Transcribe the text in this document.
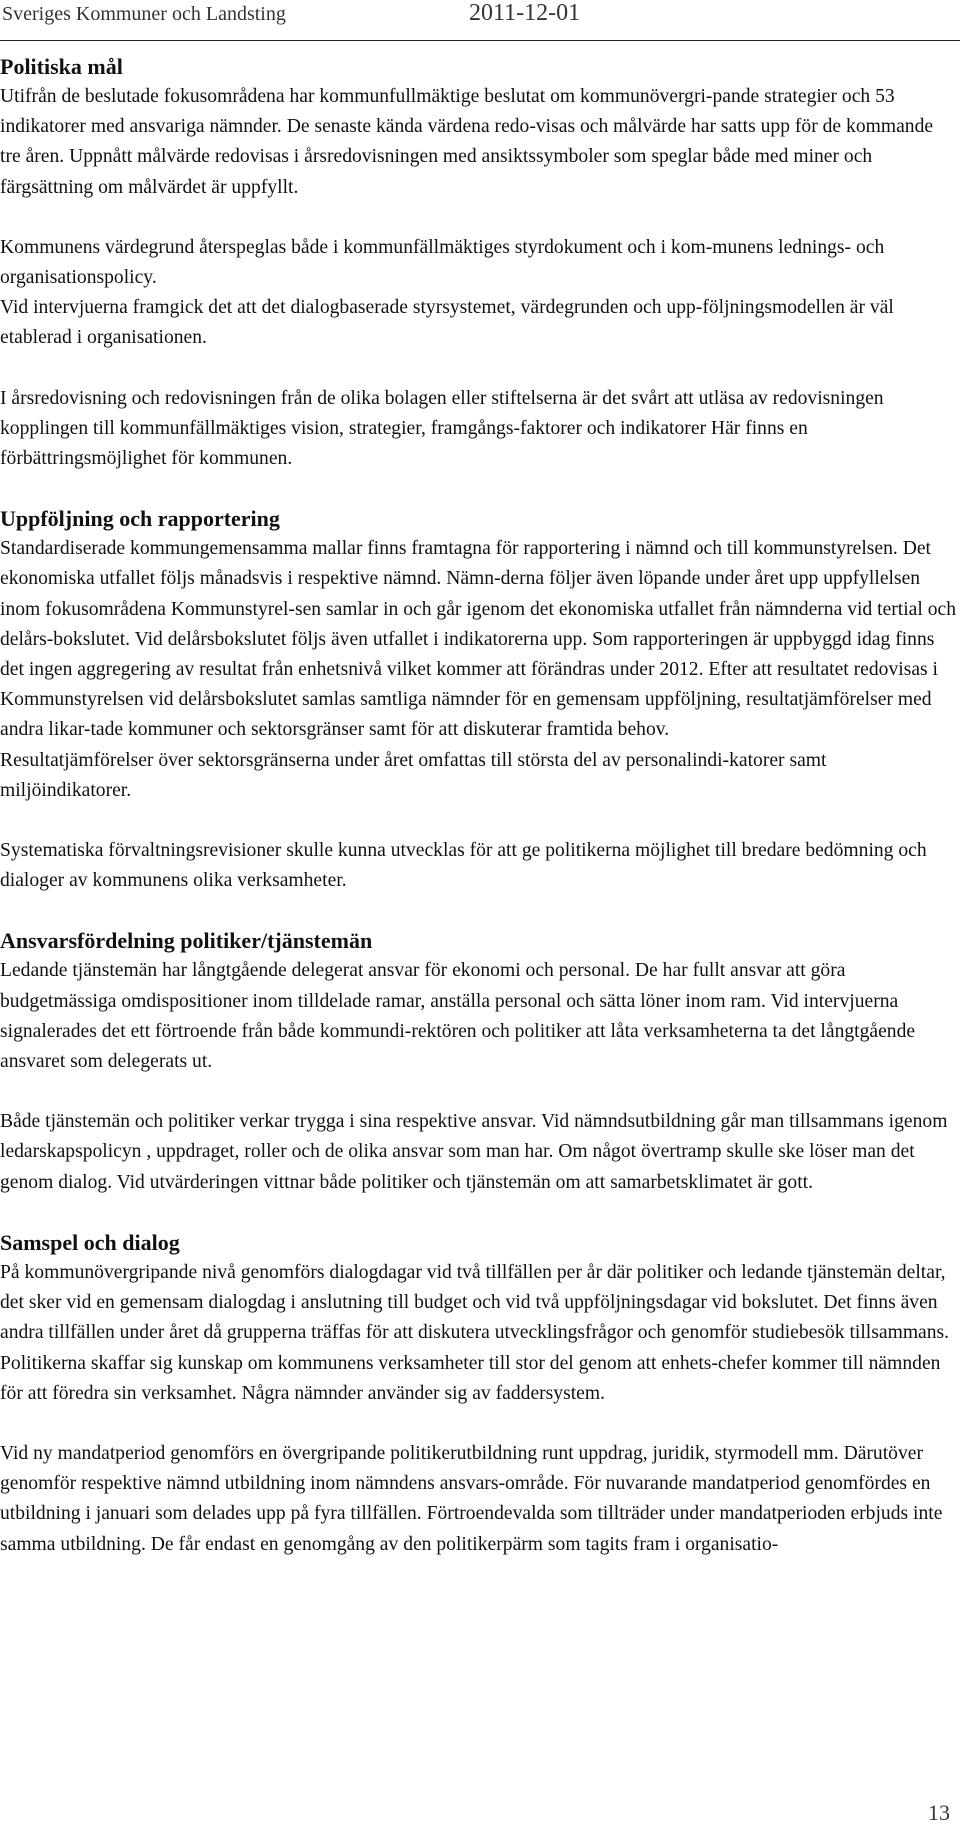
Sveriges Kommuner och Landsting	2011-12-01
Politiska mål

Utifrån de beslutade fokusområdena har kommunfullmäktige beslutat om kommunövergri-pande strategier och 53 indikatorer med ansvariga nämnder. De senaste kända värdena redo-visas och målvärde har satts upp för de kommande tre åren. Uppnått målvärde redovisas i årsredovisningen med ansiktssymboler som speglar både med miner och färgsättning om målvärdet är uppfyllt.

Kommunens värdegrund återspeglas både i kommunfällmäktiges styrdokument och i kom-munens lednings- och organisationspolicy.

Vid intervjuerna framgick det att det dialogbaserade styrsystemet, värdegrunden och upp-följningsmodellen är väl etablerad i organisationen.

I årsredovisning och redovisningen från de olika bolagen eller stiftelserna är det svårt att utläsa av redovisningen kopplingen till kommunfällmäktiges vision, strategier, framgångs-faktorer och indikatorer Här finns en förbättringsmöjlighet för kommunen.

Uppföljning och rapportering

Standardiserade kommungemensamma mallar finns framtagna för rapportering i nämnd och till kommunstyrelsen. Det ekonomiska utfallet följs månadsvis i respektive nämnd. Nämn-derna följer även löpande under året upp uppfyllelsen inom fokusområdena Kommunstyrel-sen samlar in och går igenom det ekonomiska utfallet från nämnderna vid tertial och delårs-bokslutet. Vid delårsbokslutet följs även utfallet i indikatorerna upp. Som rapporteringen är uppbyggd idag finns det ingen aggregering av resultat från enhetsnivå vilket kommer att förändras under 2012. Efter att resultatet redovisas i Kommunstyrelsen vid delårsbokslutet samlas samtliga nämnder för en gemensam uppföljning, resultatjämförelser med andra likar-tade kommuner och sektorsgränser samt för att diskuterar framtida behov.

Resultatjämförelser över sektorsgränserna under året omfattas till största del av personalindi-katorer samt miljöindikatorer.

Systematiska förvaltningsrevisioner skulle kunna utvecklas för att ge politikerna möjlighet till bredare bedömning och dialoger av kommunens olika verksamheter.

Ansvarsfördelning politiker/tjänstemän

Ledande tjänstemän har långtgående delegerat ansvar för ekonomi och personal. De har fullt ansvar att göra budgetmässiga omdispositioner inom tilldelade ramar, anställa personal och sätta löner inom ram. Vid intervjuerna signalerades det ett förtroende från både kommundi-rektören och politiker att låta verksamheterna ta det långtgående ansvaret som delegerats ut.

Både tjänstemän och politiker verkar trygga i sina respektive ansvar. Vid nämndsutbildning går man tillsammans igenom ledarskapspolicyn , uppdraget, roller och de olika ansvar som man har. Om något övertramp skulle ske löser man det genom dialog. Vid utvärderingen vittnar både politiker och tjänstemän om att samarbetsklimatet är gott.

Samspel och dialog

På kommunövergripande nivå genomförs dialogdagar vid två tillfällen per år där politiker och ledande tjänstemän deltar, det sker vid en gemensam dialogdag i anslutning till budget och vid två uppföljningsdagar vid bokslutet. Det finns även andra tillfällen under året då grupperna träffas för att diskutera utvecklingsfrågor och genomför studiebesök tillsammans. Politikerna skaffar sig kunskap om kommunens verksamheter till stor del genom att enhets-chefer kommer till nämnden för att föredra sin verksamhet. Några nämnder använder sig av faddersystem.

Vid ny mandatperiod genomförs en övergripande politikerutbildning runt uppdrag, juridik, styrmodell mm. Därutöver genomför respektive nämnd utbildning inom nämndens ansvars-område. För nuvarande mandatperiod genomfördes en utbildning i januari som delades upp på fyra tillfällen. Förtroendevalda som tillträder under mandatperioden erbjuds inte samma utbildning. De får endast en genomgång av den politikerpärm som tagits fram i organisatio-

13
